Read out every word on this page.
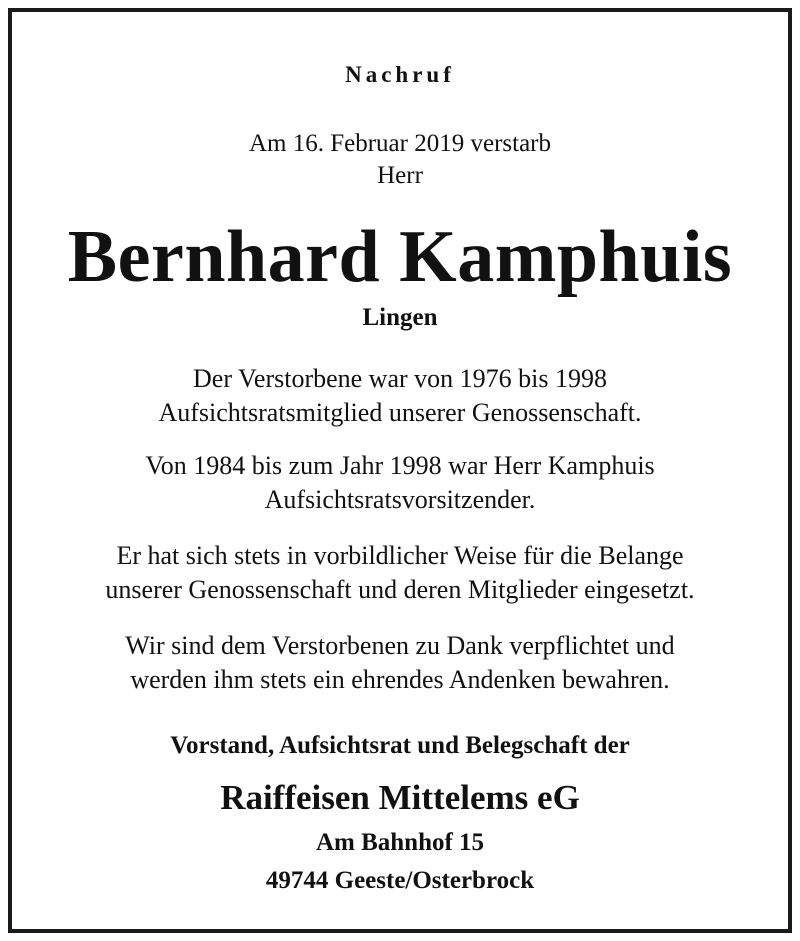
Nachruf
Am 16. Februar 2019 verstarb
Herr
Bernhard Kamphuis
Lingen
Der Verstorbene war von 1976 bis 1998
Aufsichtsratsmitglied unserer Genossenschaft.
Von 1984 bis zum Jahr 1998 war Herr Kamphuis
Aufsichtsratsvorsitzender.
Er hat sich stets in vorbildlicher Weise für die Belange
unserer Genossenschaft und deren Mitglieder eingesetzt.
Wir sind dem Verstorbenen zu Dank verpflichtet und
werden ihm stets ein ehrendes Andenken bewahren.
Vorstand, Aufsichtsrat und Belegschaft der
Raiffeisen Mittelems eG
Am Bahnhof 15
49744 Geeste/Osterbrock
